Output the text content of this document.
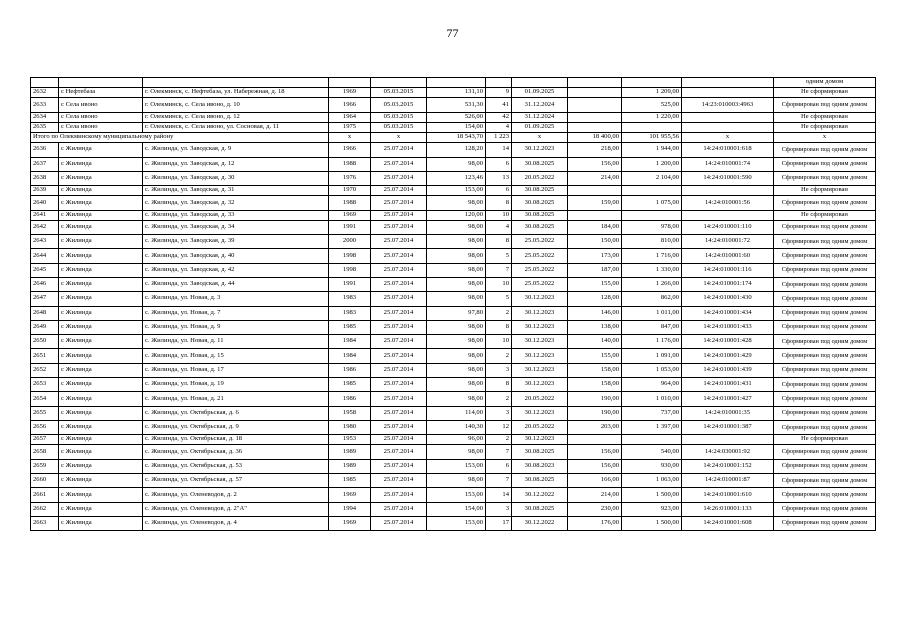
77
											одним домом
2632	с Нефтебаза	г. Олекминск, с. Нефтебаза, ул. Набережная, д. 18	1969	05.03.2015	131,10	9	01.09.2025		1 209,00		Не сформирован
2633	с Села ивоно	г. Олекминск, с. Села ивоно, д. 10	1966	05.03.2015	531,30	41	31.12.2024		525,00	14:23:010003:4963	Сформирован под одним домом
2634	с Села ивоно	г. Олекминск, с. Села ивоно, д. 12	1964	05.03.2015	526,00	42	31.12.2024		1 220,00		Не сформирован
2635	с Села ивоно	г. Олекминск, с. Села ивоно, ул. Сосновая, д. 11	1975	05.03.2015	154,00	4	01.09.2025				Не сформирован
Итого по Олекминскому муниципальному району			x	x	18 543,70	1 223	x	18 400,00	101 955,56	x	x
2636	с Жилинда	с. Жилинда, ул. Заводская, д. 9	1966	25.07.2014	128,20	14	30.12.2023	218,00	1 944,00	14:24:010001:618	Сформирован под одним домом
2637	с Жилинда	с. Жилинда, ул. Заводская, д. 12	1988	25.07.2014	98,00	6	30.08.2025	156,00	1 200,00	14:24:010001:74	Сформирован под одним домом
2638	с Жилинда	с. Жилинда, ул. Заводская, д. 30	1976	25.07.2014	123,46	13	20.05.2022	214,00	2 104,00	14:24:010001:590	Сформирован под одним домом
2639	с Жилинда	с. Жилинда, ул. Заводская, д. 31	1970	25.07.2014	153,00	6	30.08.2025				Не сформирован
2640	с Жилинда	с. Жилинда, ул. Заводская, д. 32	1988	25.07.2014	98,00	8	30.08.2025	159,00	1 075,00	14:24:010001:56	Сформирован под одним домом
2641	с Жилинда	с. Жилинда, ул. Заводская, д. 33	1969	25.07.2014	120,00	10	30.08.2025				Не сформирован
2642	с Жилинда	с. Жилинда, ул. Заводская, д. 34	1991	25.07.2014	98,00	4	30.08.2025	184,00	978,00	14:24:010001:110	Сформирован под одним домом
2643	с Жилинда	с. Жилинда, ул. Заводская, д. 39	2000	25.07.2014	98,00	8	25.05.2022	150,00	810,00	14:24:010001:72	Сформирован под одним домом
2644	с Жилинда	с. Жилинда, ул. Заводская, д. 40	1998	25.07.2014	98,00	5	25.05.2022	173,00	1 716,00	14:24:010001:60	Сформирован под одним домом
2645	с Жилинда	с. Жилинда, ул. Заводская, д. 42	1998	25.07.2014	98,00	7	25.05.2022	187,00	1 330,00	14:24:010001:116	Сформирован под одним домом
2646	с Жилинда	с. Жилинда, ул. Заводская, д. 44	1991	25.07.2014	98,00	10	25.05.2022	155,00	1 266,00	14:24:010001:174	Сформирован под одним домом
2647	с Жилинда	с. Жилинда, ул. Новая, д. 3	1983	25.07.2014	98,00	5	30.12.2023	128,00	862,00	14:24:010001:430	Сформирован под одним домом
2648	с Жилинда	с. Жилинда, ул. Новая, д. 7	1983	25.07.2014	97,80	2	30.12.2023	146,00	1 011,00	14:24:010001:434	Сформирован под одним домом
2649	с Жилинда	с. Жилинда, ул. Новая, д. 9	1985	25.07.2014	98,00	8	30.12.2023	138,00	847,00	14:24:010001:433	Сформирован под одним домом
2650	с Жилинда	с. Жилинда, ул. Новая, д. 11	1984	25.07.2014	98,00	10	30.12.2023	140,00	1 176,00	14:24:010001:428	Сформирован под одним домом
2651	с Жилинда	с. Жилинда, ул. Новая, д. 15	1984	25.07.2014	98,00	2	30.12.2023	155,00	1 091,00	14:24:010001:429	Сформирован под одним домом
2652	с Жилинда	с. Жилинда, ул. Новая, д. 17	1986	25.07.2014	98,00	3	30.12.2023	158,00	1 053,00	14:24:010001:439	Сформирован под одним домом
2653	с Жилинда	с. Жилинда, ул. Новая, д. 19	1985	25.07.2014	98,00	8	30.12.2023	158,00	964,00	14:24:010001:431	Сформирован под одним домом
2654	с Жилинда	с. Жилинда, ул. Новая, д. 21	1986	25.07.2014	98,00	2	20.05.2022	190,00	1 010,00	14:24:010001:427	Сформирован под одним домом
2655	с Жилинда	с. Жилинда, ул. Октябрьская, д. 6	1958	25.07.2014	114,00	3	30.12.2023	190,00	737,00	14:24:010001:35	Сформирован под одним домом
2656	с Жилинда	с. Жилинда, ул. Октябрьская, д. 9	1980	25.07.2014	140,30	12	20.05.2022	203,00	1 397,00	14:24:010001:387	Сформирован под одним домом
2657	с Жилинда	с. Жилинда, ул. Октябрьская, д. 18	1953	25.07.2014	96,00	2	30.12.2023				Не сформирован
2658	с Жилинда	с. Жилинда, ул. Октябрьская, д. 36	1989	25.07.2014	98,00	7	30.08.2025	156,00	540,00	14:24:030001:92	Сформирован под одним домом
2659	с Жилинда	с. Жилинда, ул. Октябрьская, д. 53	1989	25.07.2014	153,00	6	30.08.2023	156,00	930,00	14:24:010001:152	Сформирован под одним домом
2660	с Жилинда	с. Жилинда, ул. Октябрьская, д. 57	1985	25.07.2014	98,00	7	30.08.2025	166,00	1 063,00	14:24:010001:87	Сформирован под одним домом
2661	с Жилинда	с. Жилинда, ул. Оленеводов, д. 2	1969	25.07.2014	153,00	14	30.12.2022	214,00	1 500,00	14:24:010001:610	Сформирован под одним домом
2662	с Жилинда	с. Жилинда, ул. Оленеводов, д. 2"А"	1994	25.07.2014	154,00	3	30.08.2025	230,00	923,00	14:26:010001:133	Сформирован под одним домом
2663	с Жилинда	с. Жилинда, ул. Оленеводов, д. 4	1969	25.07.2014	153,00	17	30.12.2022	176,00	1 500,00	14:24:010001:608	Сформирован под одним домом
